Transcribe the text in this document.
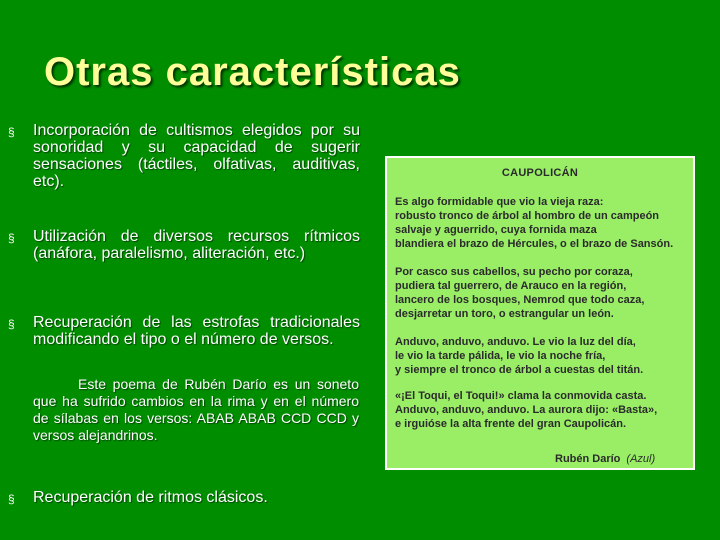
Otras características
§ Incorporación de cultismos elegidos por su sonoridad y su capacidad de sugerir sensaciones (táctiles, olfativas, auditivas, etc).
§ Utilización de diversos recursos rítmicos (anáfora, paralelismo, aliteración, etc.)
§ Recuperación de las estrofas tradicionales modificando el tipo o el número de versos.
Este poema de Rubén Darío es un soneto que ha sufrido cambios en la rima y en el número de sílabas en los versos: ABAB ABAB CCD CCD y versos alejandrinos.
§ Recuperación de ritmos clásicos.
CAUPOLICÁN
Es algo formidable que vio la vieja raza:
robusto tronco de árbol al hombro de un campeón
salvaje y aguerrido, cuya fornida maza
blandiera el brazo de Hércules, o el brazo de Sansón.
Por casco sus cabellos, su pecho por coraza,
pudiera tal guerrero, de Arauco en la región,
lancero de los bosques, Nemrod que todo caza,
desjarretar un toro, o estrangular un león.
Anduvo, anduvo, anduvo. Le vio la luz del día,
le vio la tarde pálida, le vio la noche fría,
y siempre el tronco de árbol a cuestas del titán.
«¡El Toqui, el Toqui!» clama la conmovida casta.
Anduvo, anduvo, anduvo. La aurora dijo: «Basta»,
e irguióse la alta frente del gran Caupolicán.
Rubén Darío (Azul)
